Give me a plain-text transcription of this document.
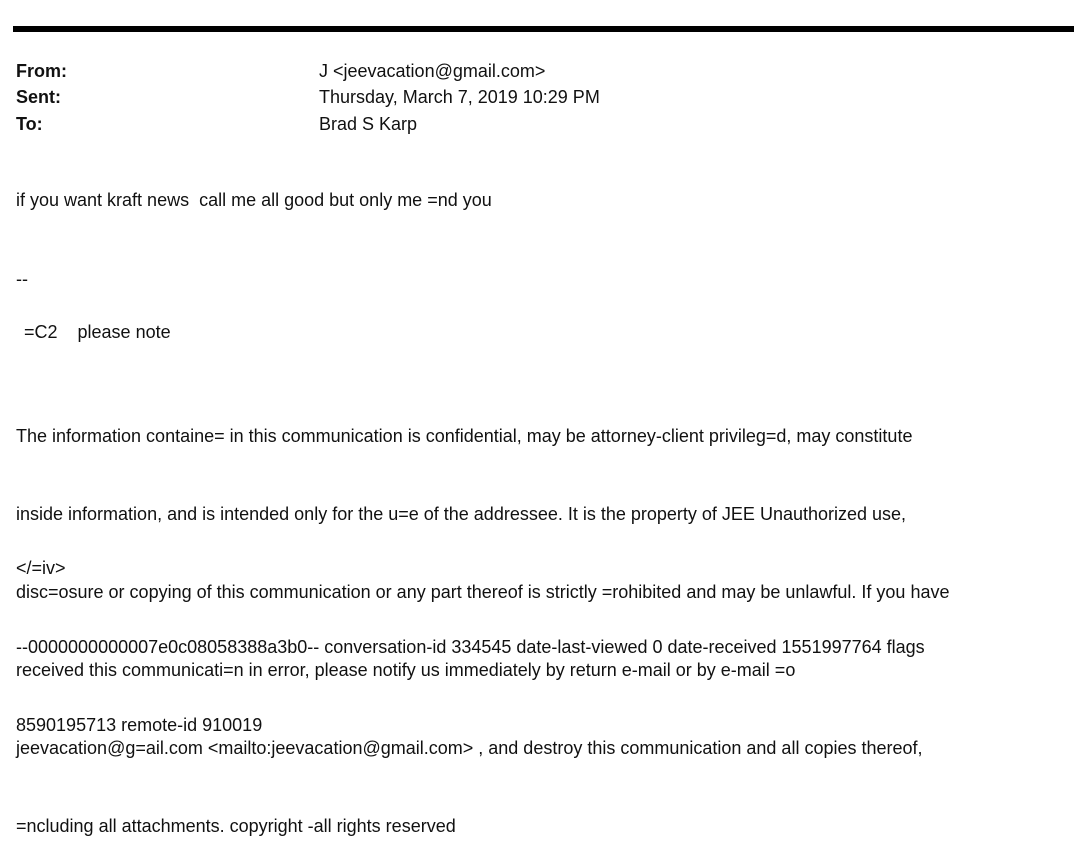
From:	J <jeevacation@gmail.com>
Sent:	Thursday, March 7, 2019 10:29 PM
To:	Brad S Karp

if you want kraft news  call me all good but only me =nd you

--

=C2    please note

The information containe= in this communication is confidential, may be attorney-client privileg=d, may constitute

inside information, and is intended only for the u=e of the addressee. It is the property of JEE Unauthorized use,

disc=osure or copying of this communication or any part thereof is strictly =rohibited and may be unlawful. If you have

received this communicati=n in error, please notify us immediately by return e-mail or by e-mail =o

jeevacation@g=ail.com <mailto:jeevacation@gmail.com> , and destroy this communication and all copies thereof,

=ncluding all attachments. copyright -all rights reserved

</=iv>

--0000000000007e0c08058388a3b0-- conversation-id 334545 date-last-viewed 0 date-received 1551997764 flags

8590195713 remote-id 910019
